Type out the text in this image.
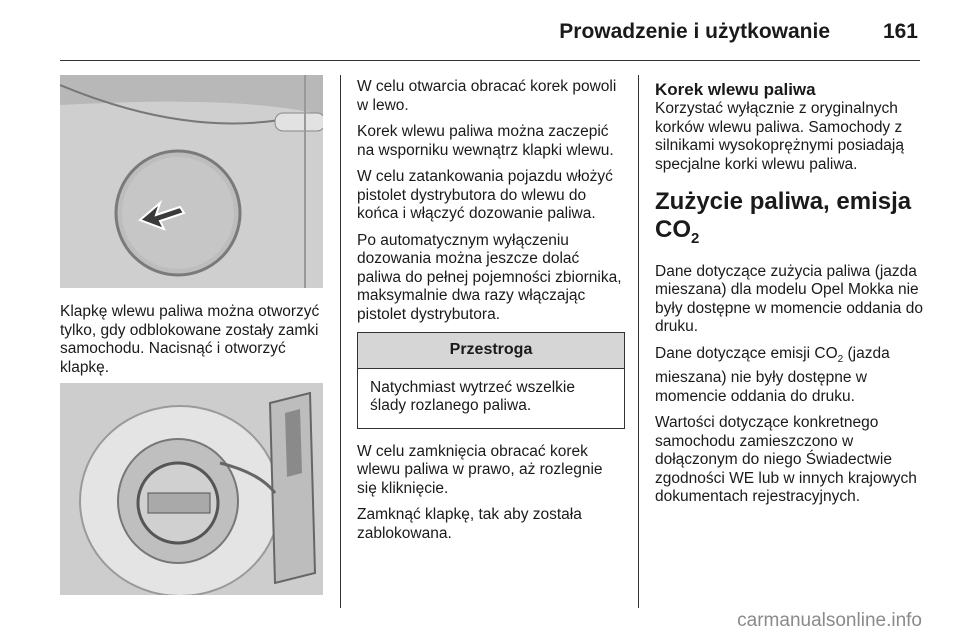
Prowadzenie i użytkowanie	161

Klapkę wlewu paliwa można otworzyć tylko, gdy odblokowane zostały zamki samochodu. Nacisnąć i otworzyć klapkę.

W celu otwarcia obracać korek powoli w lewo.

Korek wlewu paliwa można zaczepić na wsporniku wewnątrz klapki wlewu.

W celu zatankowania pojazdu włożyć pistolet dystrybutora do wlewu do końca i włączyć dozowanie paliwa.

Po automatycznym wyłączeniu dozowania można jeszcze dolać paliwa do pełnej pojemności zbiornika, maksymalnie dwa razy włączając pistolet dystrybutora.

Przestroga
Natychmiast wytrzeć wszelkie ślady rozlanego paliwa.

W celu zamknięcia obracać korek wlewu paliwa w prawo, aż rozlegnie się kliknięcie.

Zamknąć klapkę, tak aby została zablokowana.

Korek wlewu paliwa

Korzystać wyłącznie z oryginalnych korków wlewu paliwa. Samochody z silnikami wysokoprężnymi posiadają specjalne korki wlewu paliwa.

Zużycie paliwa, emisja $CO_2$

Dane dotyczące zużycia paliwa (jazda mieszana) dla modelu Opel Mokka nie były dostępne w momencie oddania do druku.

Dane dotyczące emisji $CO_2$ (jazda mieszana) nie były dostępne w momencie oddania do druku.

Wartości dotyczące konkretnego samochodu zamieszczono w dołączonym do niego Świadectwie zgodności WE lub w innych krajowych dokumentach rejestracyjnych.

carmanualsonline.info
